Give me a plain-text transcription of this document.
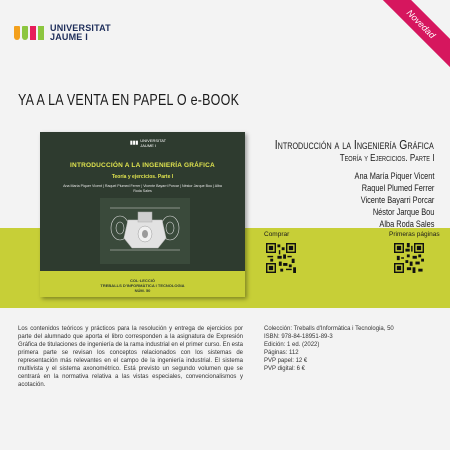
UNIVERSITAT
JAUME I	Novedad
YA A LA VENTA EN PAPEL O e-BOOK
▮▮▮ UNIVERSITAT
JAUME I
INTRODUCCIÓN A LA INGENIERÍA GRÁFICA
Teoría y ejercicios. Parte I
Ana María Piquer Vicent | Raquel Plumed Ferrer | Vicente Bayarri Porcar | Néstor Jarque Bou | Alba Roda Sales
COL·LECCIÓ
TREBALLS D'INFORMÀTICA I TECNOLOGIA
NÚM. 50
Introducción a la Ingeniería Gráfica
Teoría y Ejercicios. Parte I
Ana María Piquer Vicent
Raquel Plumed Ferrer
Vicente Bayarri Porcar
Néstor Jarque Bou
Alba Roda Sales
Comprar	Primeras páginas
Los contenidos teóricos y prácticos para la resolución y entrega de ejercicios por parte del alumnado que aporta el libro corresponden a la asignatura de Expresión Gráfica de titulaciones de ingeniería de la rama industrial en el primer curso. En esta primera parte se revisan los conceptos relacionados con los sistemas de representación más relevantes en el campo de la ingeniería industrial. El sistema multivista y el sistema axonométrico. Está previsto un segundo volumen que se centrará en la normativa relativa a las vistas especiales, convencionalismos y acotación.
Colección: Treballs d'Informàtica i Tecnologia, 50
ISBN: 978-84-18951-89-3
Edición: 1 ed. (2022)
Páginas: 112
PVP papel: 12 €
PVP digital: 6 €
